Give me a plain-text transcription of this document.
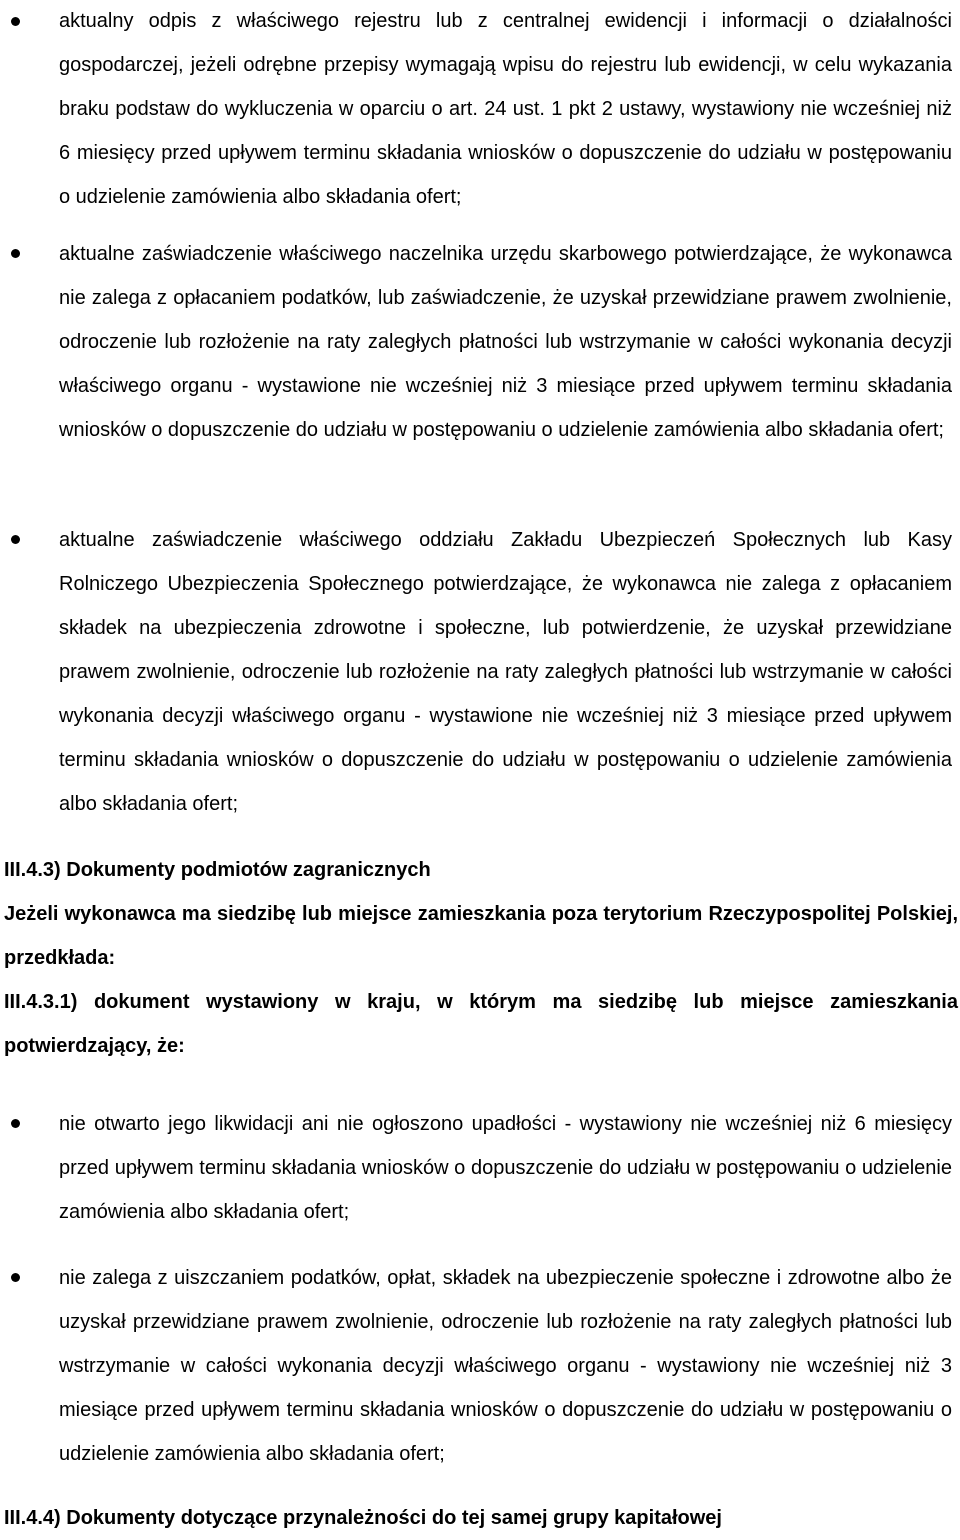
aktualny odpis z właściwego rejestru lub z centralnej ewidencji i informacji o działalności gospodarczej, jeżeli odrębne przepisy wymagają wpisu do rejestru lub ewidencji, w celu wykazania braku podstaw do wykluczenia w oparciu o art. 24 ust. 1 pkt 2 ustawy, wystawiony nie wcześniej niż 6 miesięcy przed upływem terminu składania wniosków o dopuszczenie do udziału w postępowaniu o udzielenie zamówienia albo składania ofert;

aktualne zaświadczenie właściwego naczelnika urzędu skarbowego potwierdzające, że wykonawca nie zalega z opłacaniem podatków, lub zaświadczenie, że uzyskał przewidziane prawem zwolnienie, odroczenie lub rozłożenie na raty zaległych płatności lub wstrzymanie w całości wykonania decyzji właściwego organu - wystawione nie wcześniej niż 3 miesiące przed upływem terminu składania wniosków o dopuszczenie do udziału w postępowaniu o udzielenie zamówienia albo składania ofert;

aktualne zaświadczenie właściwego oddziału Zakładu Ubezpieczeń Społecznych lub Kasy Rolniczego Ubezpieczenia Społecznego potwierdzające, że wykonawca nie zalega z opłacaniem składek na ubezpieczenia zdrowotne i społeczne, lub potwierdzenie, że uzyskał przewidziane prawem zwolnienie, odroczenie lub rozłożenie na raty zaległych płatności lub wstrzymanie w całości wykonania decyzji właściwego organu - wystawione nie wcześniej niż 3 miesiące przed upływem terminu składania wniosków o dopuszczenie do udziału w postępowaniu o udzielenie zamówienia albo składania ofert;

III.4.3) Dokumenty podmiotów zagranicznych

Jeżeli wykonawca ma siedzibę lub miejsce zamieszkania poza terytorium Rzeczypospolitej Polskiej, przedkłada:

III.4.3.1) dokument wystawiony w kraju, w którym ma siedzibę lub miejsce zamieszkania potwierdzający, że:

nie otwarto jego likwidacji ani nie ogłoszono upadłości - wystawiony nie wcześniej niż 6 miesięcy przed upływem terminu składania wniosków o dopuszczenie do udziału w postępowaniu o udzielenie zamówienia albo składania ofert;

nie zalega z uiszczaniem podatków, opłat, składek na ubezpieczenie społeczne i zdrowotne albo że uzyskał przewidziane prawem zwolnienie, odroczenie lub rozłożenie na raty zaległych płatności lub wstrzymanie w całości wykonania decyzji właściwego organu - wystawiony nie wcześniej niż 3 miesiące przed upływem terminu składania wniosków o dopuszczenie do udziału w postępowaniu o udzielenie zamówienia albo składania ofert;

III.4.4) Dokumenty dotyczące przynależności do tej samej grupy kapitałowej
